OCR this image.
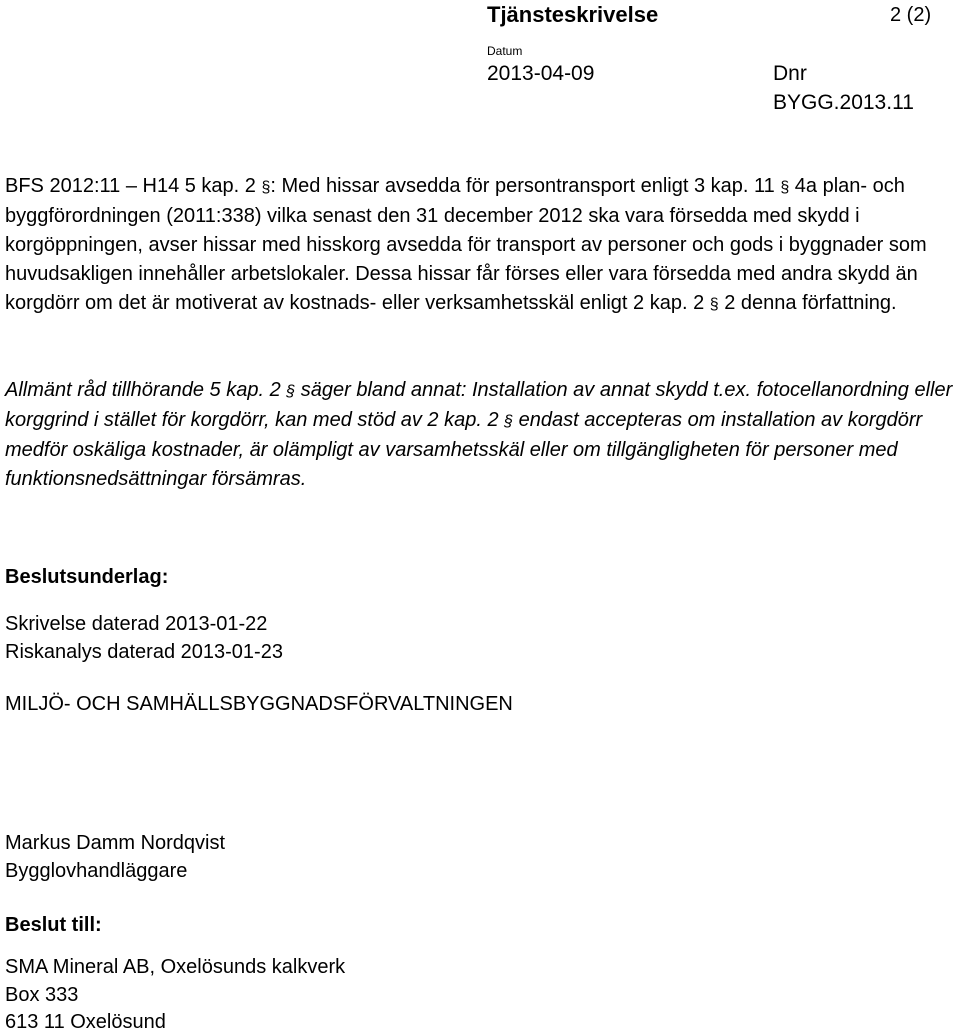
Tjänsteskrivelse	2 (2)
Datum
2013-04-09	Dnr
BYGG.2013.11
BFS 2012:11 – H14 5 kap. 2 §: Med hissar avsedda för persontransport enligt 3 kap. 11 § 4a plan- och byggförordningen (2011:338) vilka senast den 31 december 2012 ska vara försedda med skydd i korgöppningen, avser hissar med hisskorg avsedda för transport av personer och gods i byggnader som huvudsakligen innehåller arbetslokaler. Dessa hissar får förses eller vara försedda med andra skydd än korgdörr om det är motiverat av kostnads- eller verksamhetsskäl enligt 2 kap. 2 § 2 denna författning.
Allmänt råd tillhörande 5 kap. 2 § säger bland annat: Installation av annat skydd t.ex. fotocellanordning eller korggrind i stället för korgdörr, kan med stöd av 2 kap. 2 § endast accepteras om installation av korgdörr medför oskäliga kostnader, är olämpligt av varsamhetsskäl eller om tillgängligheten för personer med funktionsnedsättningar försämras.
Beslutsunderlag:
Skrivelse daterad 2013-01-22
Riskanalys daterad 2013-01-23
MILJÖ- OCH SAMHÄLLSBYGGNADSFÖRVALTNINGEN
Markus Damm Nordqvist
Bygglovhandläggare
Beslut till:
SMA Mineral AB, Oxelösunds kalkverk
Box 333
613 11 Oxelösund
